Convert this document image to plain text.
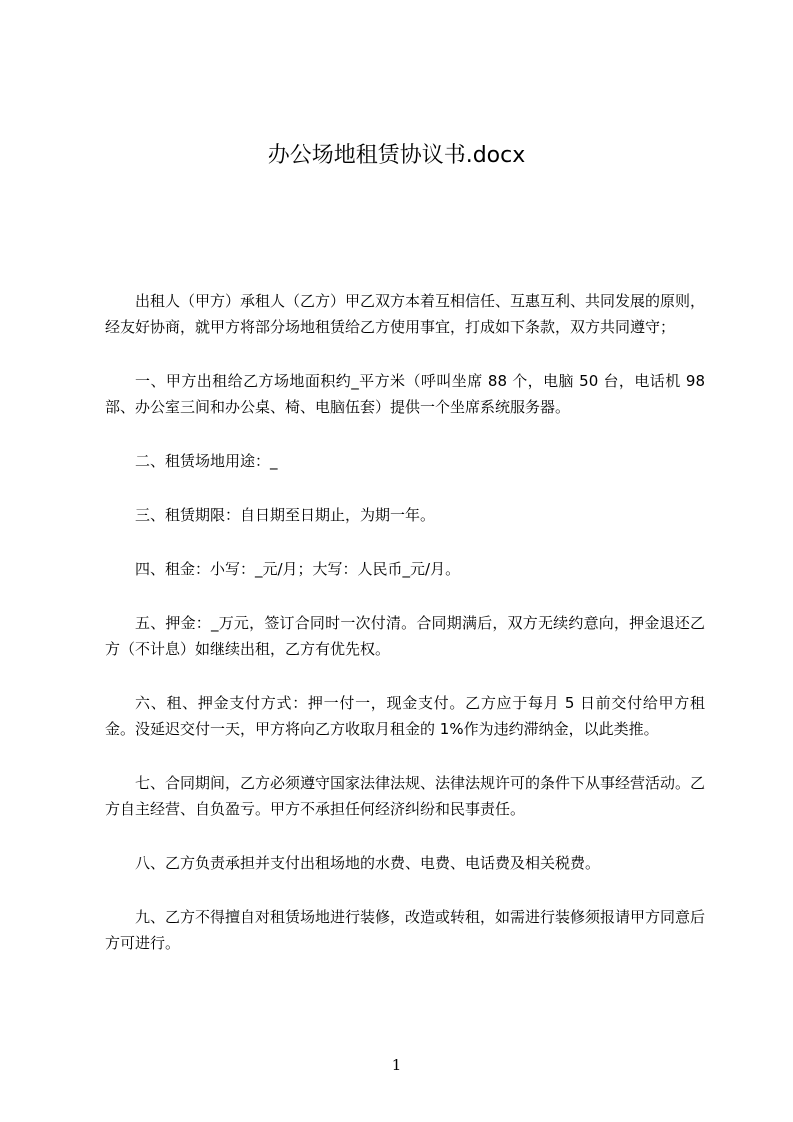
办公场地租赁协议书.docx

出租人（甲方）承租人（乙方）甲乙双方本着互相信任、互惠互利、共同发展的原则，经友好协商，就甲方将部分场地租赁给乙方使用事宜，打成如下条款，双方共同遵守；

一、甲方出租给乙方场地面积约_平方米（呼叫坐席 88 个，电脑 50 台，电话机 98 部、办公室三间和办公桌、椅、电脑伍套）提供一个坐席系统服务器。

二、租赁场地用途：_

三、租赁期限：自日期至日期止，为期一年。

四、租金：小写：_元/月；大写：人民币_元/月。

五、押金：_万元，签订合同时一次付清。合同期满后，双方无续约意向，押金退还乙方（不计息）如继续出租，乙方有优先权。

六、租、押金支付方式：押一付一，现金支付。乙方应于每月 5 日前交付给甲方租金。没延迟交付一天，甲方将向乙方收取月租金的 1%作为违约滞纳金，以此类推。

七、合同期间，乙方必须遵守国家法律法规、法律法规许可的条件下从事经营活动。乙方自主经营、自负盈亏。甲方不承担任何经济纠纷和民事责任。

八、乙方负责承担并支付出租场地的水费、电费、电话费及相关税费。

九、乙方不得擅自对租赁场地进行装修，改造或转租，如需进行装修须报请甲方同意后方可进行。

1
